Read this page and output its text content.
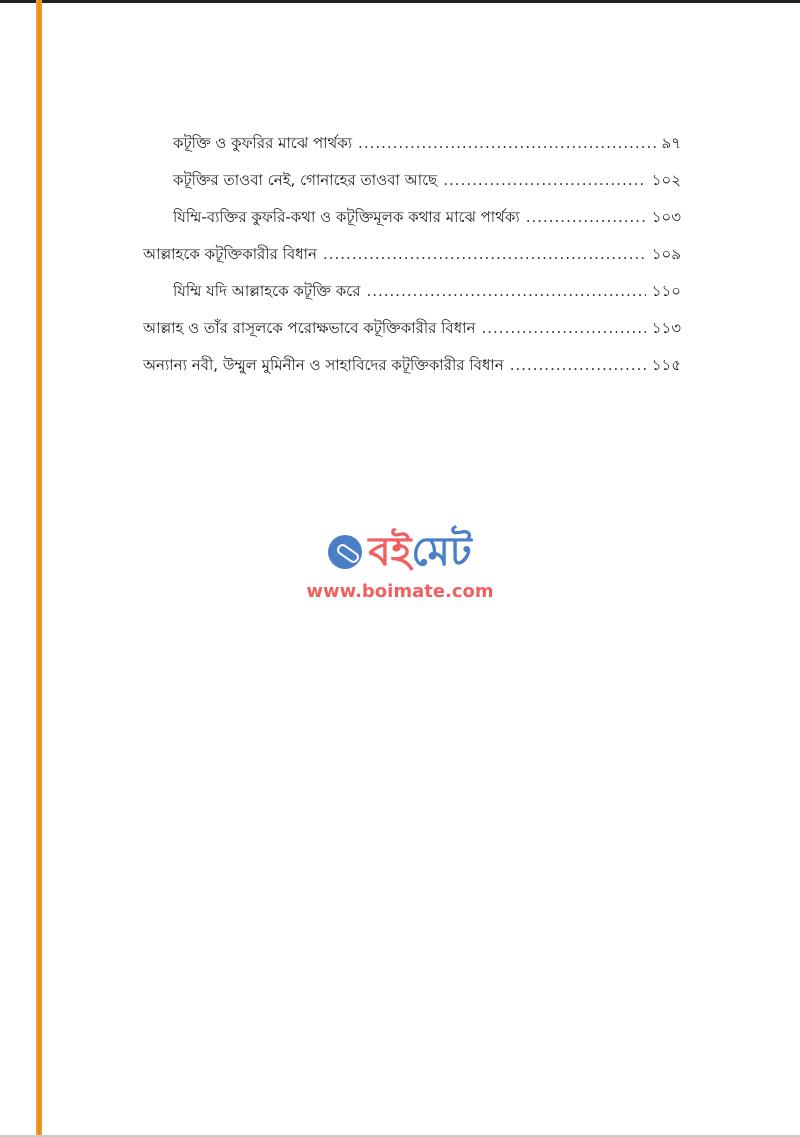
কটূক্তি ও কুফরির মাঝে পার্থক্য .....	৯৭
কটূক্তির তাওবা নেই, গোনাহের তাওবা আছে .....	১০২
যিম্মি-ব্যক্তির কুফরি-কথা ও কটূক্তিমূলক কথার মাঝে পার্থক্য .....	১০৩
আল্লাহকে কটূক্তিকারীর বিধান .....	১০৯
যিম্মি যদি আল্লাহকে কটূক্তি করে .....	১১০
আল্লাহ ও তাঁর রাসূলকে পরোক্ষভাবে কটূক্তিকারীর বিধান .....	১১৩
অন্যান্য নবী, উম্মুল মুমিনীন ও সাহাবিদের কটূক্তিকারীর বিধান .....	১১৫
বই মেট
www.boimate.com
